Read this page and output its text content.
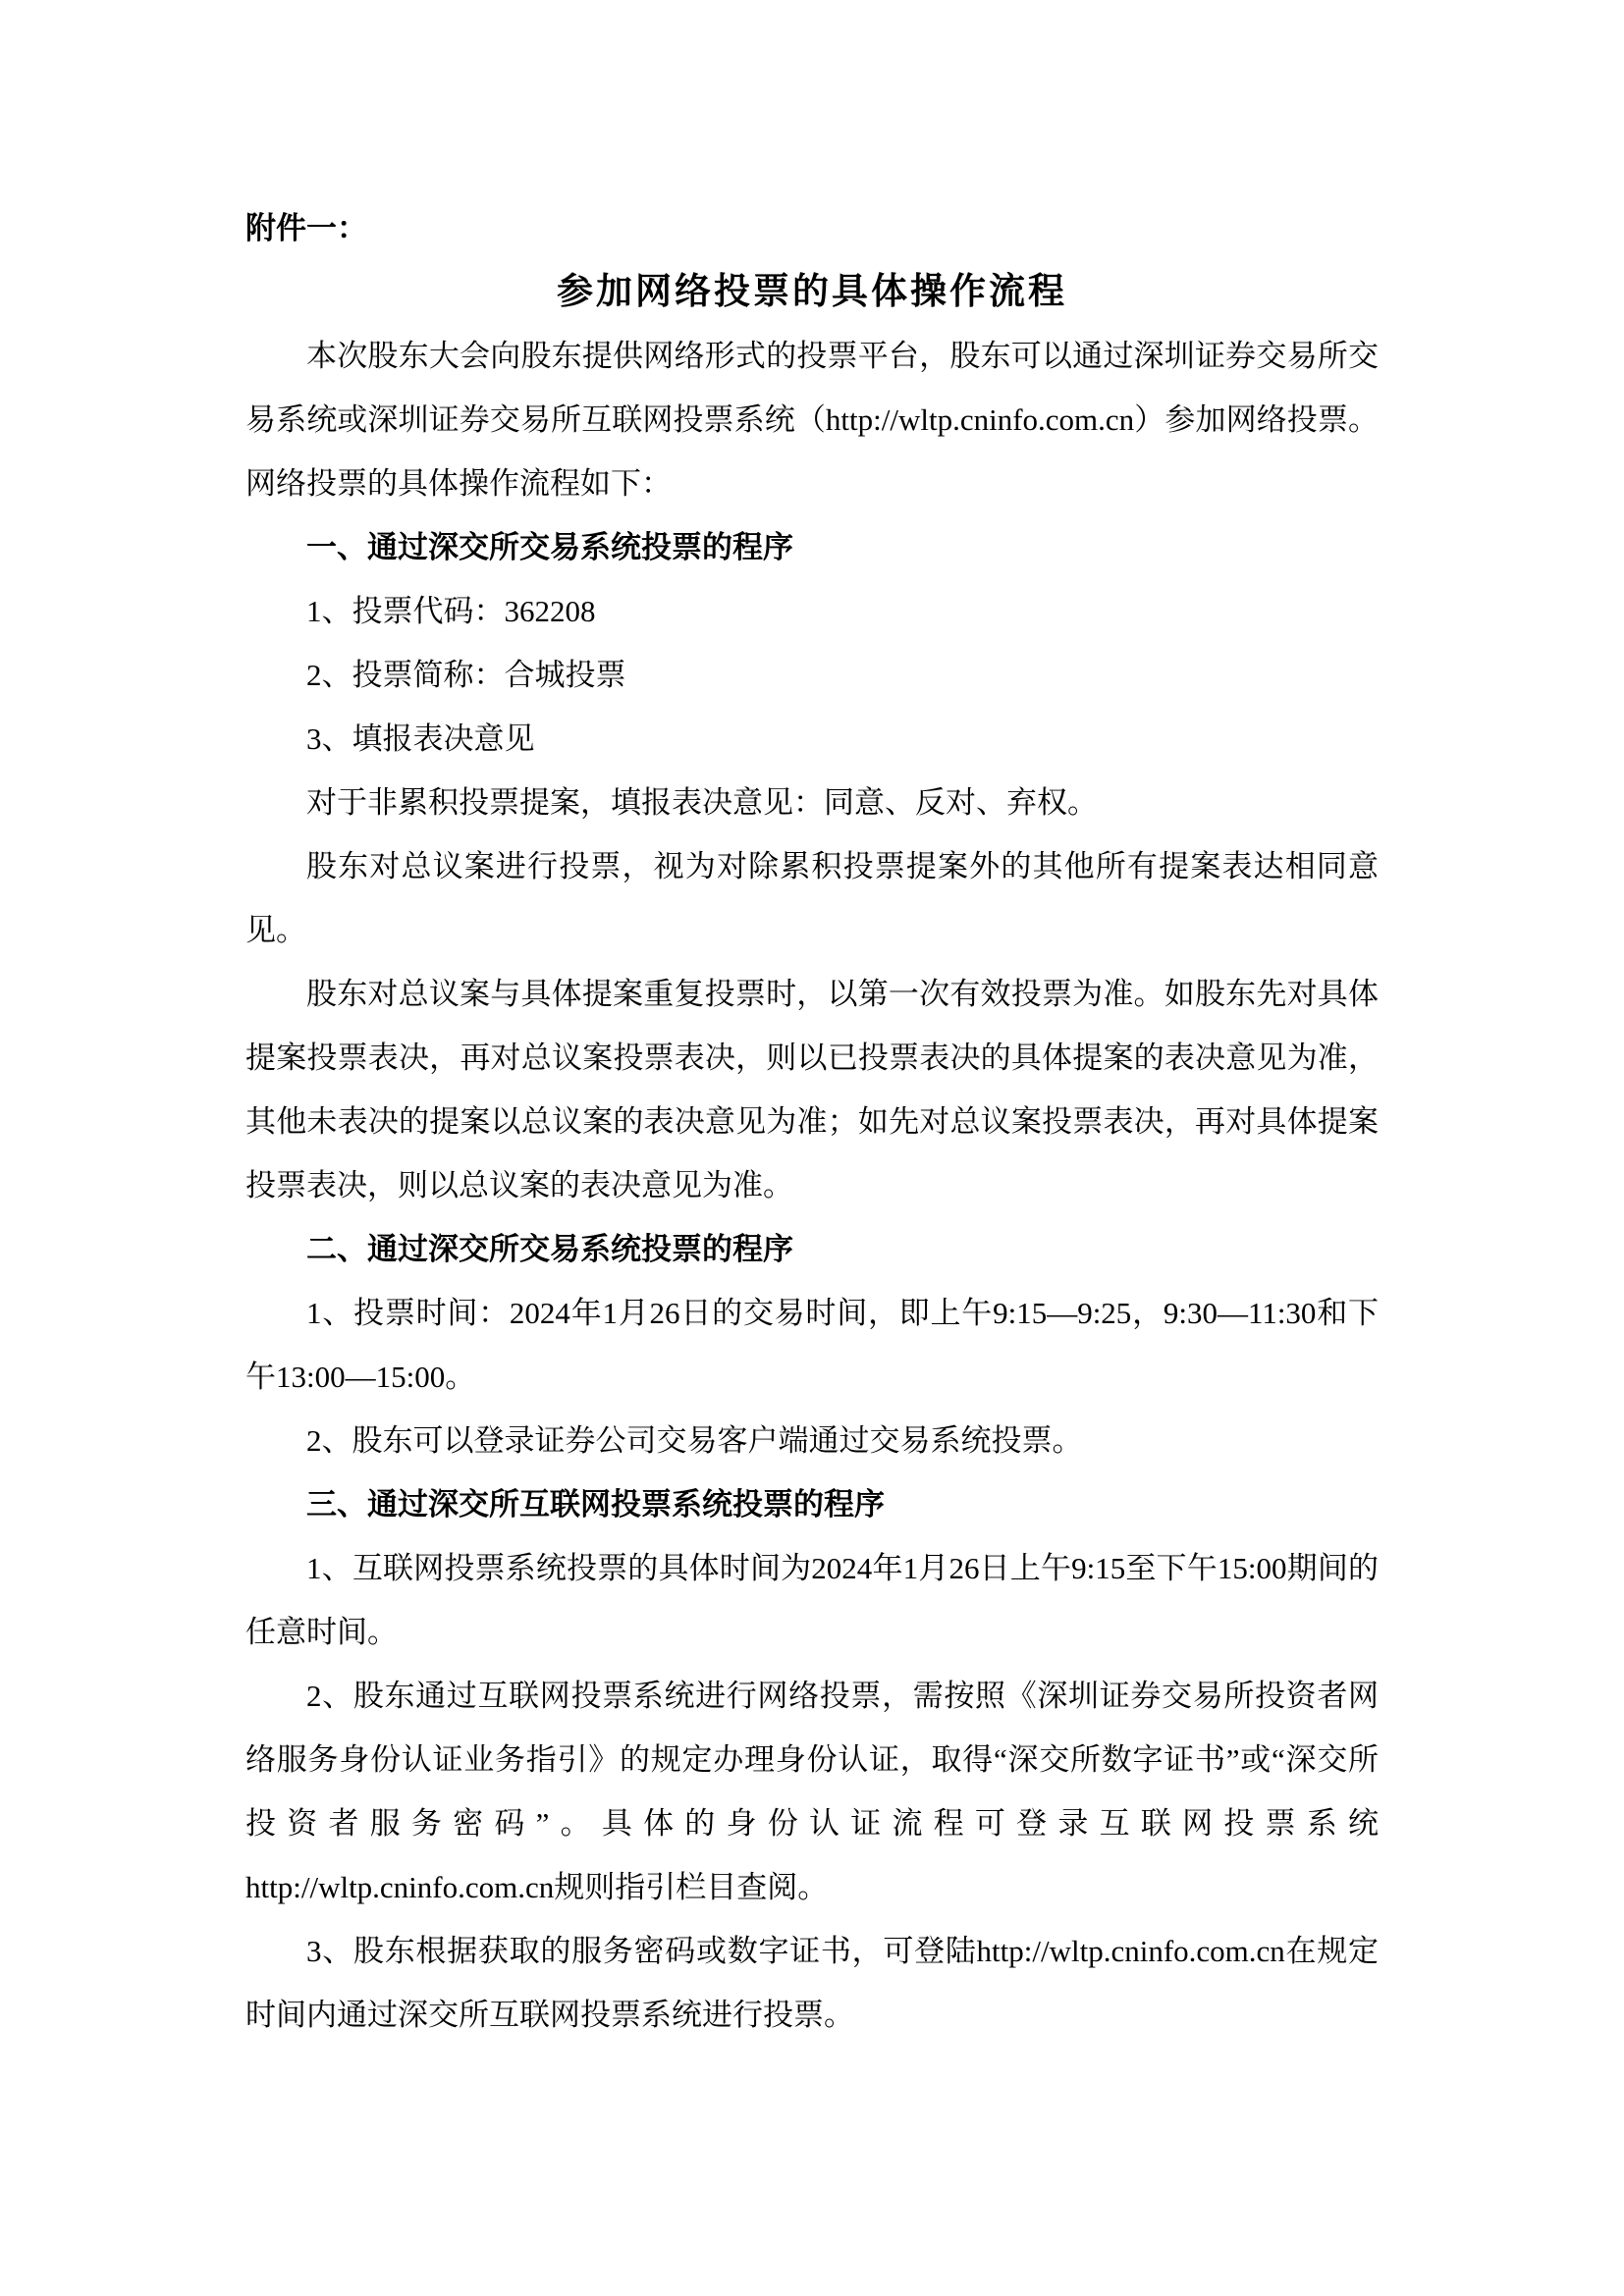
附件一：
参加网络投票的具体操作流程
本次股东大会向股东提供网络形式的投票平台，股东可以通过深圳证券交易所交易系统或深圳证券交易所互联网投票系统（http://wltp.cninfo.com.cn）参加网络投票。网络投票的具体操作流程如下：
一、通过深交所交易系统投票的程序
1、投票代码：362208
2、投票简称：合城投票
3、填报表决意见
对于非累积投票提案，填报表决意见：同意、反对、弃权。
股东对总议案进行投票，视为对除累积投票提案外的其他所有提案表达相同意见。
股东对总议案与具体提案重复投票时，以第一次有效投票为准。如股东先对具体提案投票表决，再对总议案投票表决，则以已投票表决的具体提案的表决意见为准，其他未表决的提案以总议案的表决意见为准；如先对总议案投票表决，再对具体提案投票表决，则以总议案的表决意见为准。
二、通过深交所交易系统投票的程序
1、投票时间：2024年1月26日的交易时间，即上午9:15—9:25，9:30—11:30和下午13:00—15:00。
2、股东可以登录证券公司交易客户端通过交易系统投票。
三、通过深交所互联网投票系统投票的程序
1、互联网投票系统投票的具体时间为2024年1月26日上午9:15至下午15:00期间的任意时间。
2、股东通过互联网投票系统进行网络投票，需按照《深圳证券交易所投资者网络服务身份认证业务指引》的规定办理身份认证，取得“深交所数字证书”或“深交所投资者服务密码”。具体的身份认证流程可登录互联网投票系统http://wltp.cninfo.com.cn规则指引栏目查阅。
3、股东根据获取的服务密码或数字证书，可登陆http://wltp.cninfo.com.cn在规定时间内通过深交所互联网投票系统进行投票。
